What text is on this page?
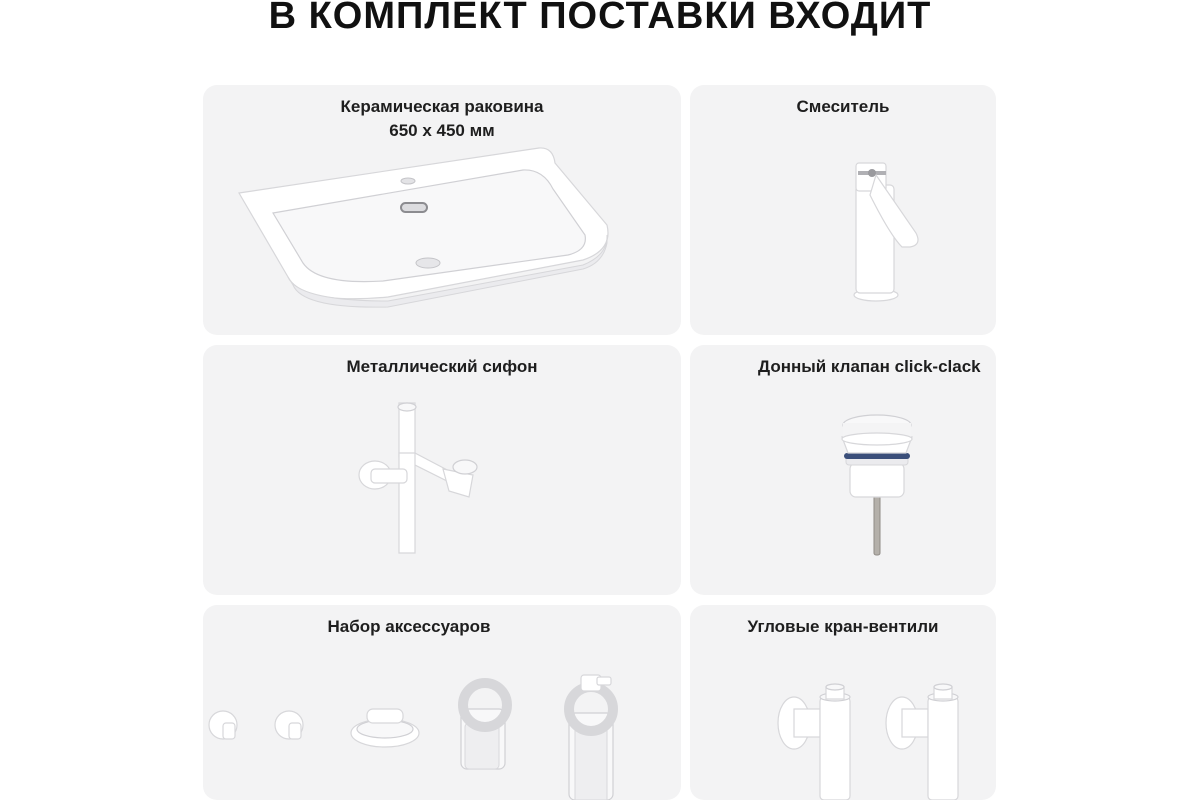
В КОМПЛЕКТ ПОСТАВКИ ВХОДИТ
Керамическая раковина
650 x 450 мм
Смеситель
Металлический сифон	Донный клапан click-clack
Набор аксессуаров	Угловые кран-вентили
